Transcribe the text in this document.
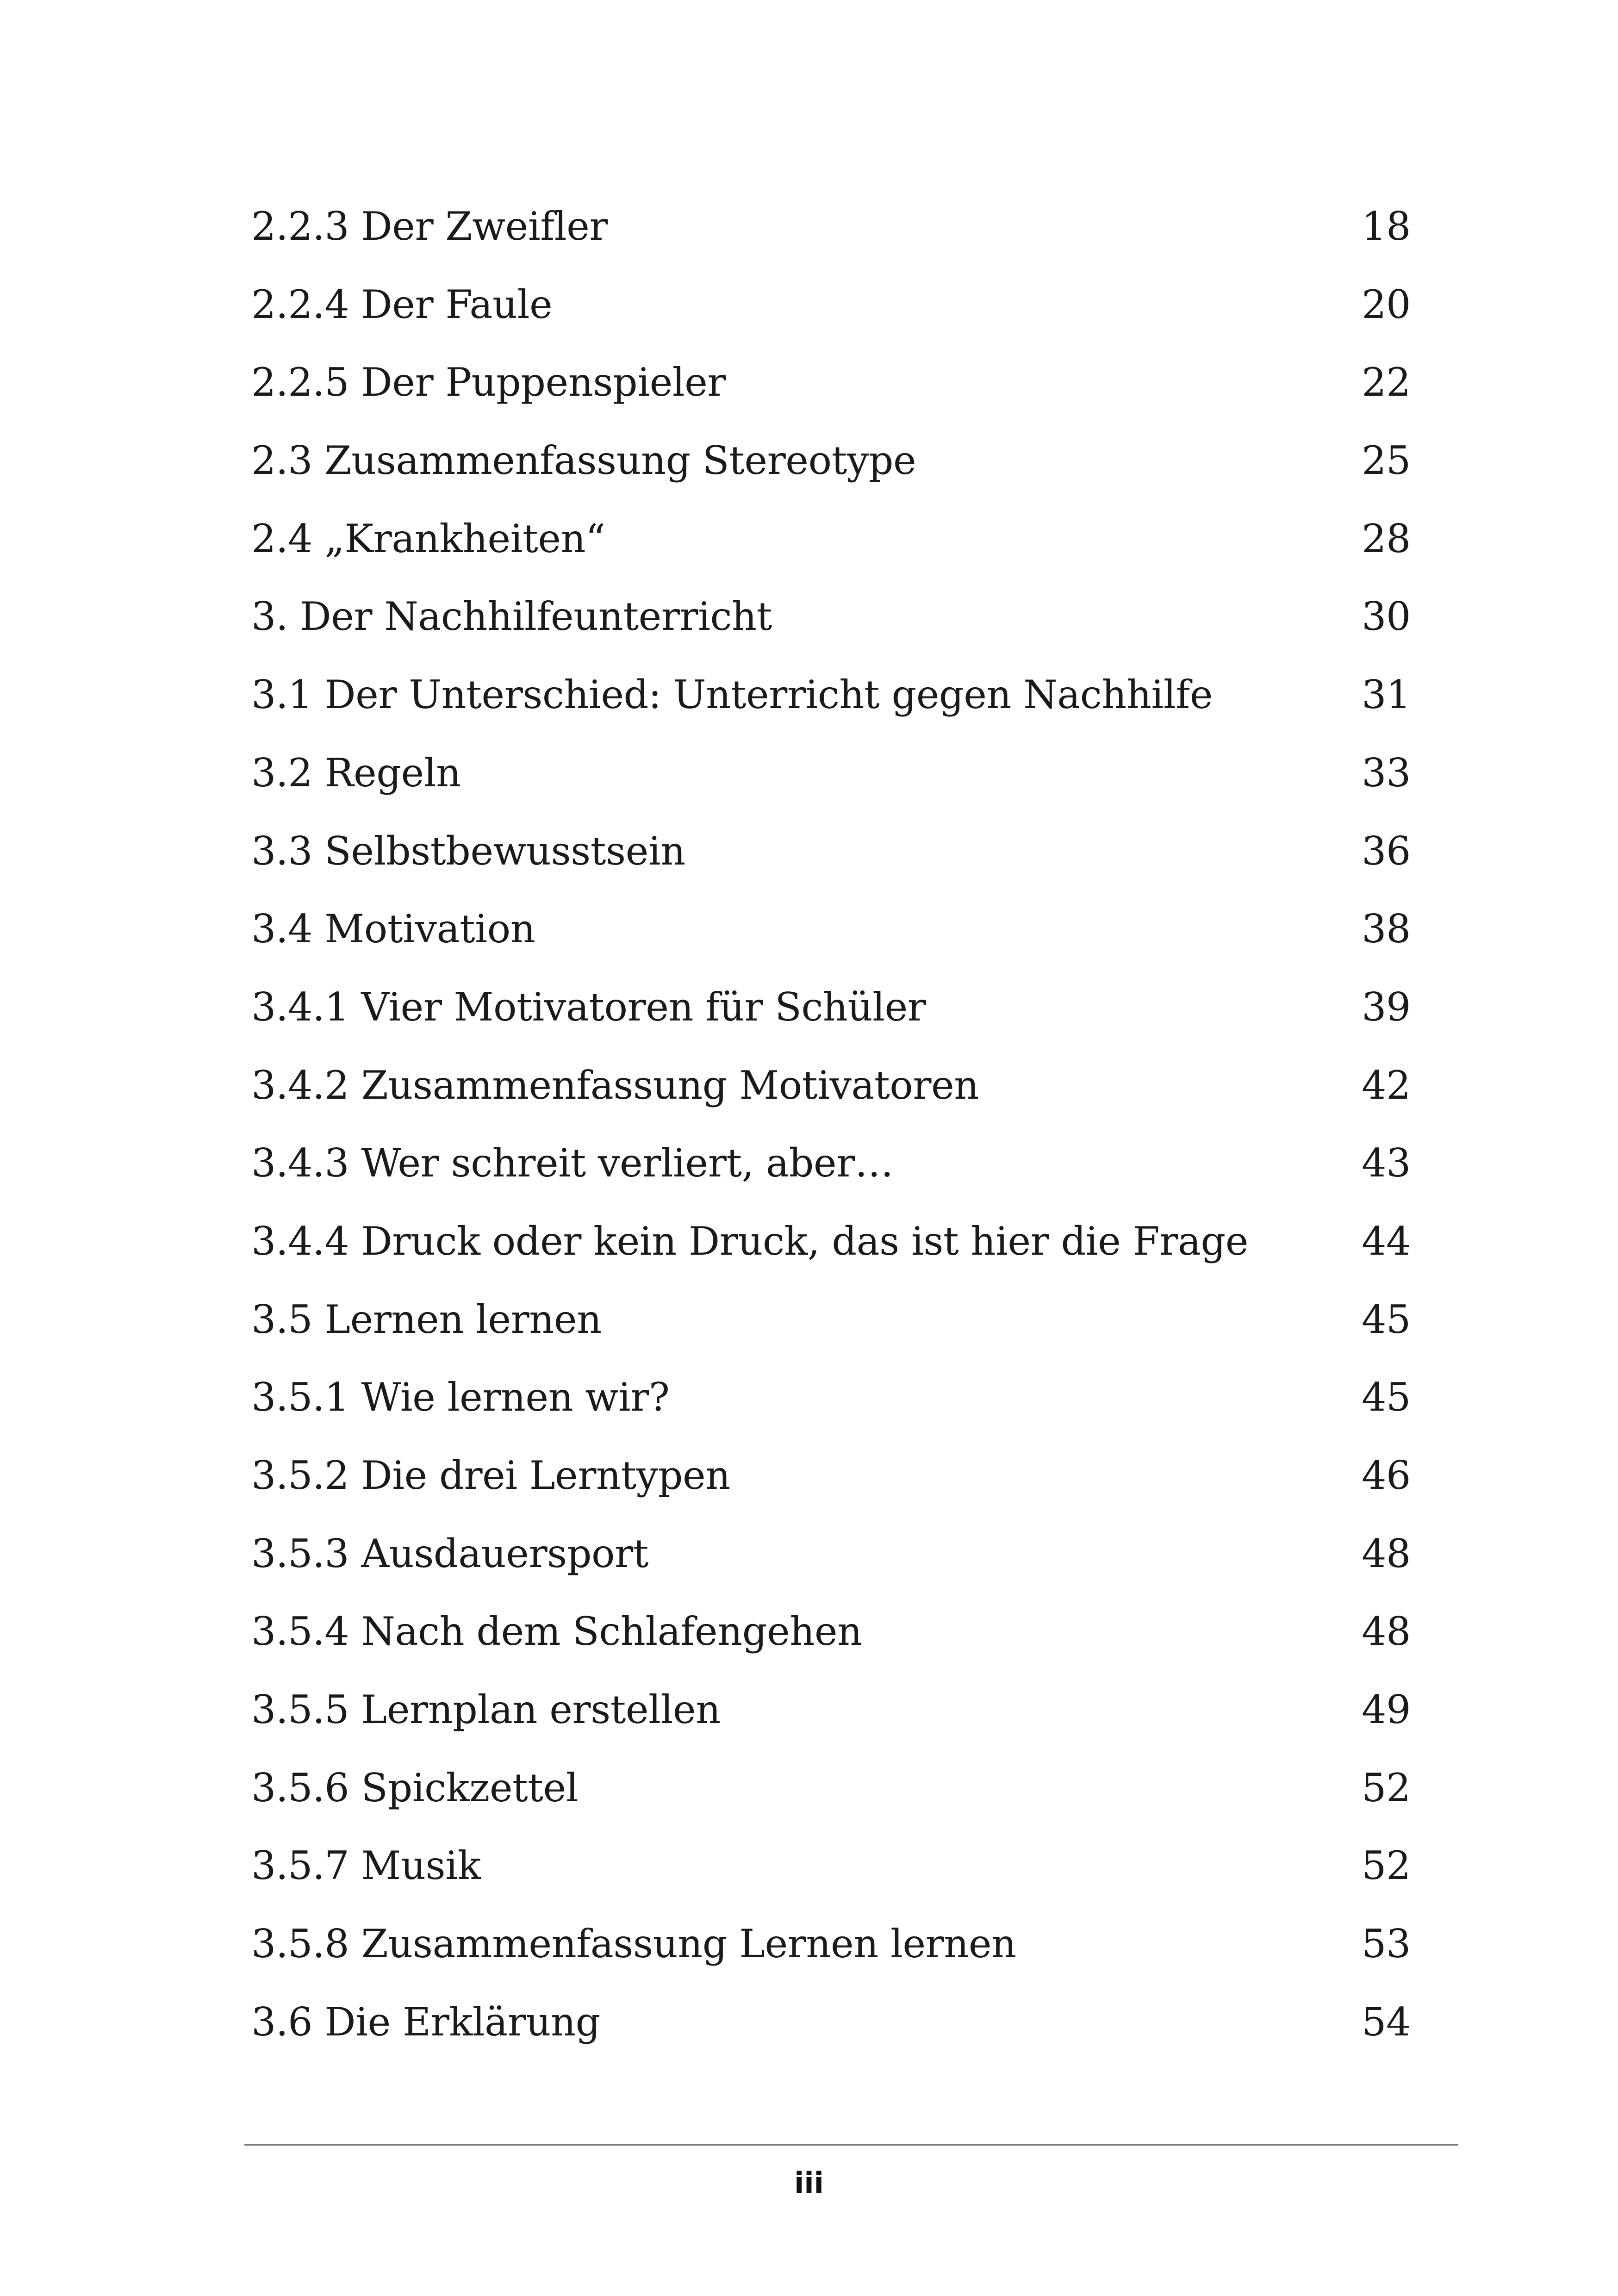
2.2.3 Der Zweifler	18
2.2.4 Der Faule	20
2.2.5 Der Puppenspieler	22
2.3 Zusammenfassung Stereotype	25
2.4 „Krankheiten“	28
3. Der Nachhilfeunterricht	30
3.1 Der Unterschied: Unterricht gegen Nachhilfe	31
3.2 Regeln	33
3.3 Selbstbewusstsein	36
3.4 Motivation	38
3.4.1 Vier Motivatoren für Schüler	39
3.4.2 Zusammenfassung Motivatoren	42
3.4.3 Wer schreit verliert, aber…	43
3.4.4 Druck oder kein Druck, das ist hier die Frage	44
3.5 Lernen lernen	45
3.5.1 Wie lernen wir?	45
3.5.2 Die drei Lerntypen	46
3.5.3 Ausdauersport	48
3.5.4 Nach dem Schlafengehen	48
3.5.5 Lernplan erstellen	49
3.5.6 Spickzettel	52
3.5.7 Musik	52
3.5.8 Zusammenfassung Lernen lernen	53
3.6 Die Erklärung	54
iii
